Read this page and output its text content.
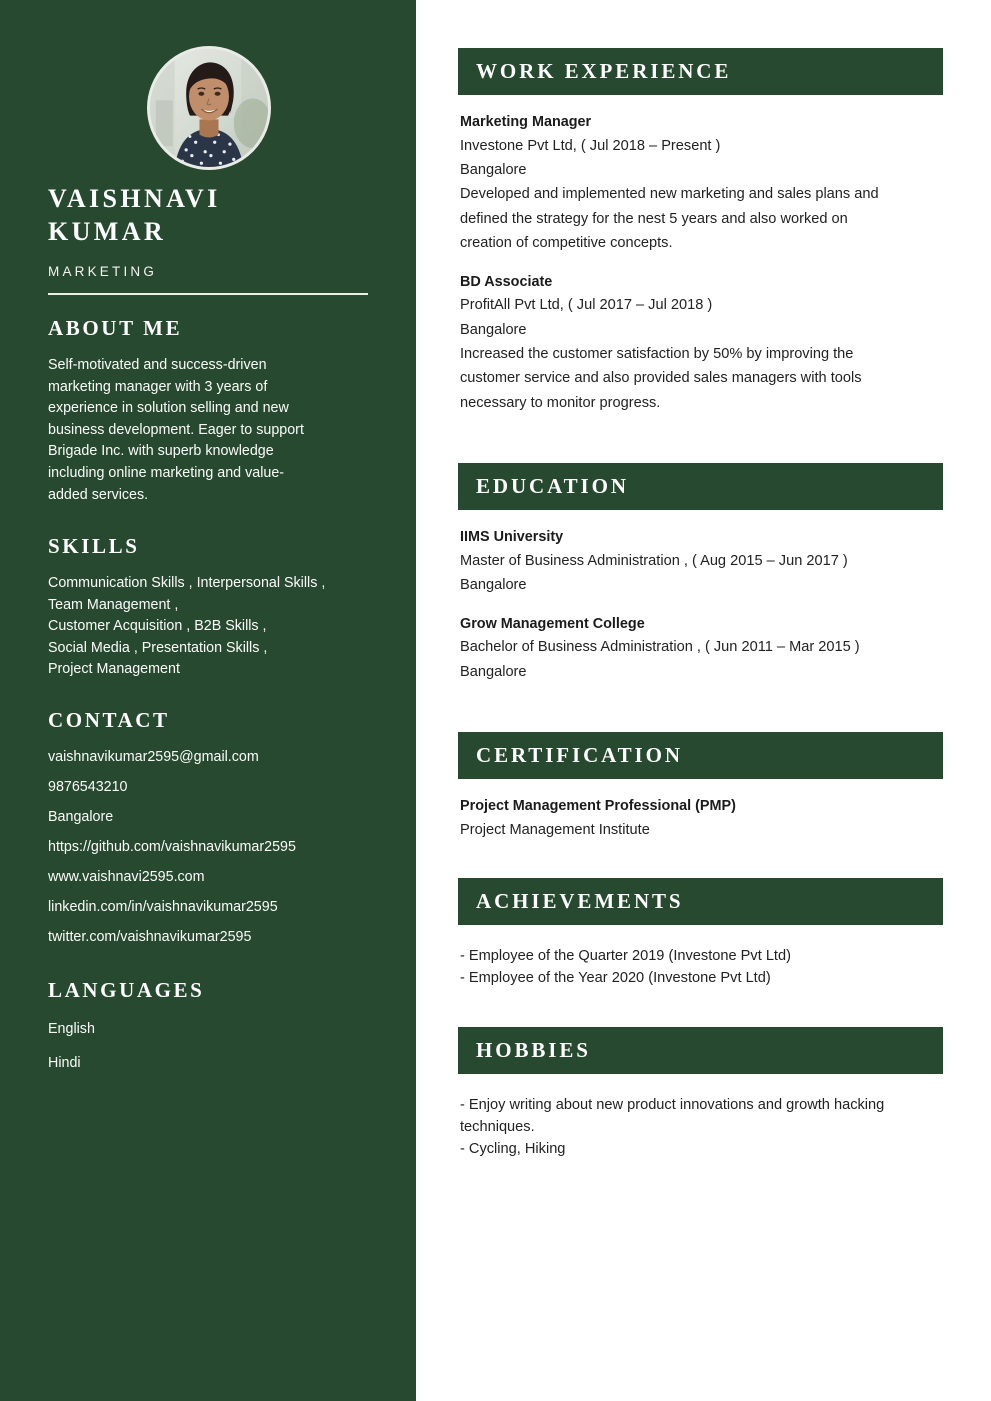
VAISHNAVI
KUMAR
MARKETING
ABOUT ME
Self-motivated and success-driven
marketing manager with 3 years of
experience in solution selling and new
business development. Eager to support
Brigade Inc. with superb knowledge
including online marketing and value-
added services.
SKILLS
Communication Skills , Interpersonal Skills ,
Team Management ,
Customer Acquisition , B2B Skills ,
Social Media , Presentation Skills ,
Project Management
CONTACT
vaishnavikumar2595@gmail.com
9876543210
Bangalore
https://github.com/vaishnavikumar2595
www.vaishnavi2595.com
linkedin.com/in/vaishnavikumar2595
twitter.com/vaishnavikumar2595
LANGUAGES
English
Hindi
WORK EXPERIENCE
Marketing Manager
Investone Pvt Ltd, ( Jul 2018 – Present )
Bangalore
Developed and implemented new marketing and sales plans and
defined the strategy for the nest 5 years and also worked on
creation of competitive concepts.
BD Associate
ProfitAll Pvt Ltd, ( Jul 2017 – Jul 2018 )
Bangalore
Increased the customer satisfaction by 50% by improving the
customer service and also provided sales managers with tools
necessary to monitor progress.
EDUCATION
IIMS University
Master of Business Administration , ( Aug 2015 – Jun 2017 )
Bangalore
Grow Management College
Bachelor of Business Administration , ( Jun 2011 – Mar 2015 )
Bangalore
CERTIFICATION
Project Management Professional (PMP)
Project Management Institute
ACHIEVEMENTS
- Employee of the Quarter 2019 (Investone Pvt Ltd)
- Employee of the Year 2020 (Investone Pvt Ltd)
HOBBIES
- Enjoy writing about new product innovations and growth hacking
techniques.
- Cycling, Hiking
